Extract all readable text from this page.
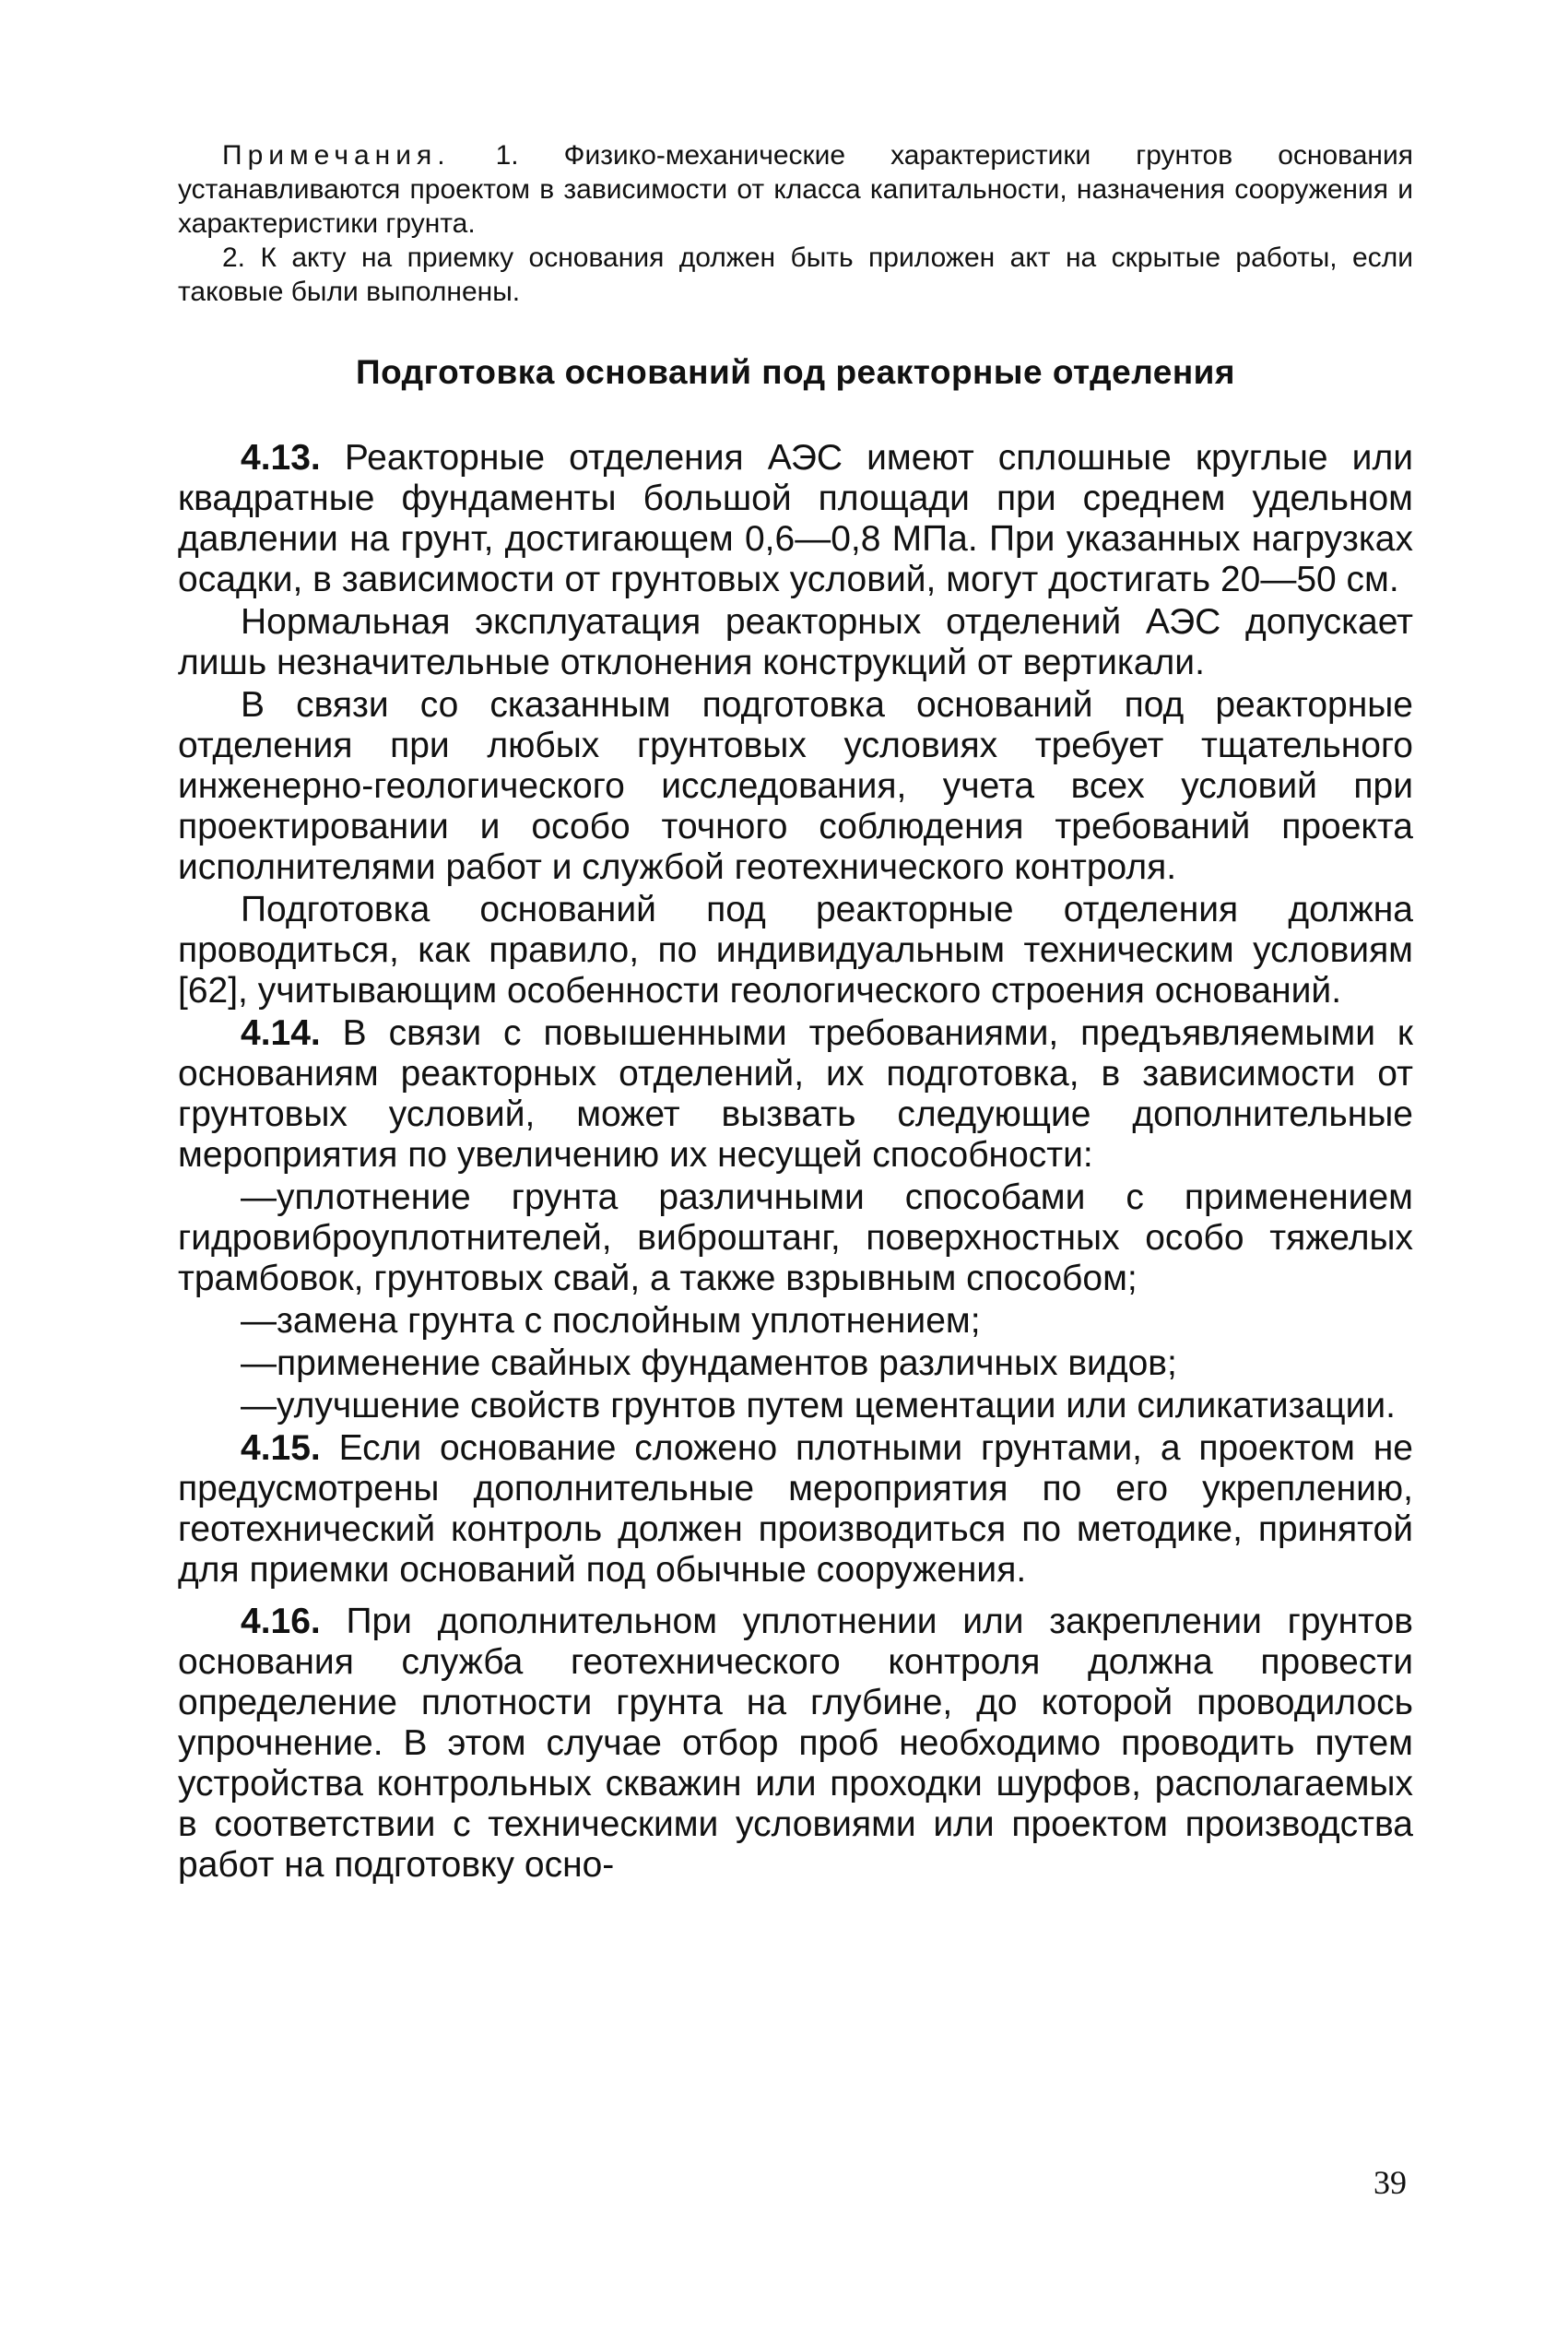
Примечания. 1. Физико-механические характеристики грунтов основания устанавливаются проектом в зависимости от класса капитальности, назначения сооружения и характеристики грунта.

2. К акту на приемку основания должен быть приложен акт на скрытые работы, если таковые были выполнены.

Подготовка оснований под реакторные отделения

4.13. Реакторные отделения АЭС имеют сплошные круглые или квадратные фундаменты большой площади при среднем удельном давлении на грунт, достигающем 0,6—0,8 МПа. При указанных нагрузках осадки, в зависимости от грунтовых условий, могут достигать 20—50 см.

Нормальная эксплуатация реакторных отделений АЭС допускает лишь незначительные отклонения конструкций от вертикали.

В связи со сказанным подготовка оснований под реакторные отделения при любых грунтовых условиях требует тщательного инженерно-геологического исследования, учета всех условий при проектировании и особо точного соблюдения требований проекта исполнителями работ и службой геотехнического контроля.

Подготовка оснований под реакторные отделения должна проводиться, как правило, по индивидуальным техническим условиям [62], учитывающим особенности геологического строения оснований.

4.14. В связи с повышенными требованиями, предъявляемыми к основаниям реакторных отделений, их подготовка, в зависимости от грунтовых условий, может вызвать следующие дополнительные мероприятия по увеличению их несущей способности:

—уплотнение грунта различными способами с применением гидровиброуплотнителей, виброштанг, поверхностных особо тяжелых трамбовок, грунтовых свай, а также взрывным способом;

—замена грунта с послойным уплотнением;

—применение свайных фундаментов различных видов;

—улучшение свойств грунтов путем цементации или силикатизации.

4.15. Если основание сложено плотными грунтами, а проектом не предусмотрены дополнительные мероприятия по его укреплению, геотехнический контроль должен производиться по методике, принятой для приемки оснований под обычные сооружения.

4.16. При дополнительном уплотнении или закреплении грунтов основания служба геотехнического контроля должна провести определение плотности грунта на глубине, до которой проводилось упрочнение. В этом случае отбор проб необходимо проводить путем устройства контрольных скважин или проходки шурфов, располагаемых в соответствии с техническими условиями или проектом производства работ на подготовку осно-

39
